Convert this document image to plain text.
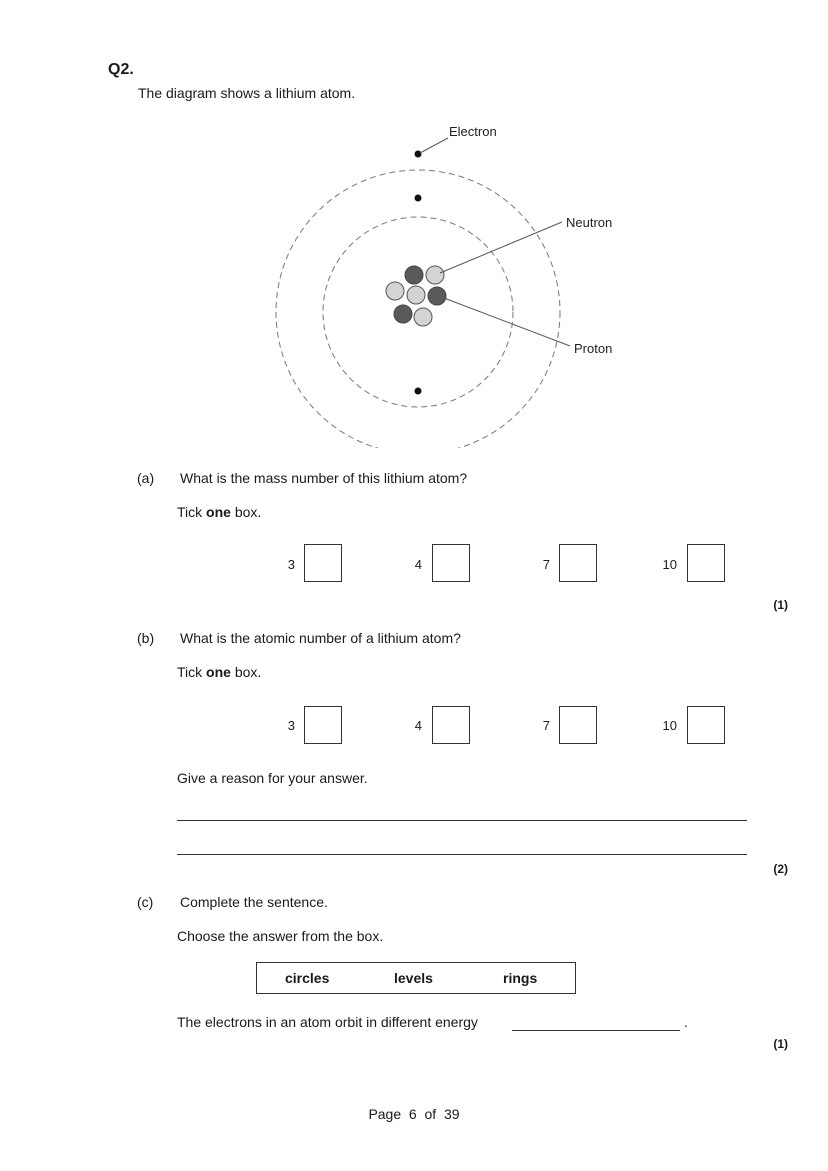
Q2.
The diagram shows a lithium atom.
Electron
Neutron
Proton
(a) What is the mass number of this lithium atom?
Tick one box.
3	4	7	10
(1)
(b) What is the atomic number of a lithium atom?
Tick one box.
3	4	7	10
Give a reason for your answer.
(2)
(c) Complete the sentence.
Choose the answer from the box.
circles	levels	rings
The electrons in an atom orbit in different energy	.
(1)
Page 6 of 39
